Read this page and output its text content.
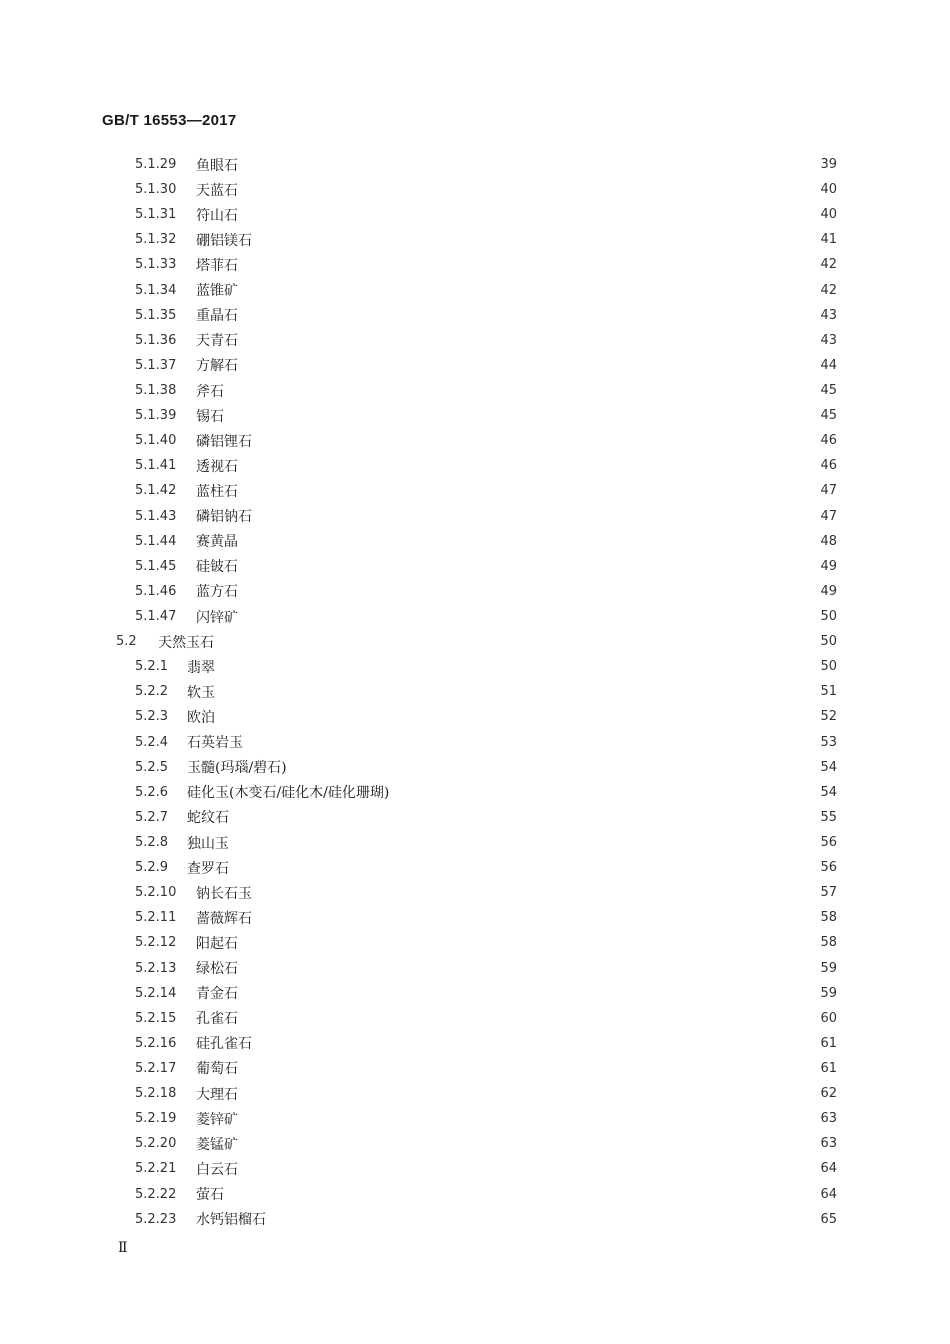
GB/T 16553—2017
5.1.29	鱼眼石	39
5.1.30	天蓝石	40
5.1.31	符山石	40
5.1.32	硼铝镁石	41
5.1.33	塔菲石	42
5.1.34	蓝锥矿	42
5.1.35	重晶石	43
5.1.36	天青石	43
5.1.37	方解石	44
5.1.38	斧石	45
5.1.39	锡石	45
5.1.40	磷铝锂石	46
5.1.41	透视石	46
5.1.42	蓝柱石	47
5.1.43	磷铝钠石	47
5.1.44	赛黄晶	48
5.1.45	硅铍石	49
5.1.46	蓝方石	49
5.1.47	闪锌矿	50
5.2	天然玉石	50
5.2.1	翡翠	50
5.2.2	软玉	51
5.2.3	欧泊	52
5.2.4	石英岩玉	53
5.2.5	玉髓(玛瑙/碧石)	54
5.2.6	硅化玉(木变石/硅化木/硅化珊瑚)	54
5.2.7	蛇纹石	55
5.2.8	独山玉	56
5.2.9	查罗石	56
5.2.10	钠长石玉	57
5.2.11	蔷薇辉石	58
5.2.12	阳起石	58
5.2.13	绿松石	59
5.2.14	青金石	59
5.2.15	孔雀石	60
5.2.16	硅孔雀石	61
5.2.17	葡萄石	61
5.2.18	大理石	62
5.2.19	菱锌矿	63
5.2.20	菱锰矿	63
5.2.21	白云石	64
5.2.22	萤石	64
5.2.23	水钙铝榴石	65
Ⅱ
